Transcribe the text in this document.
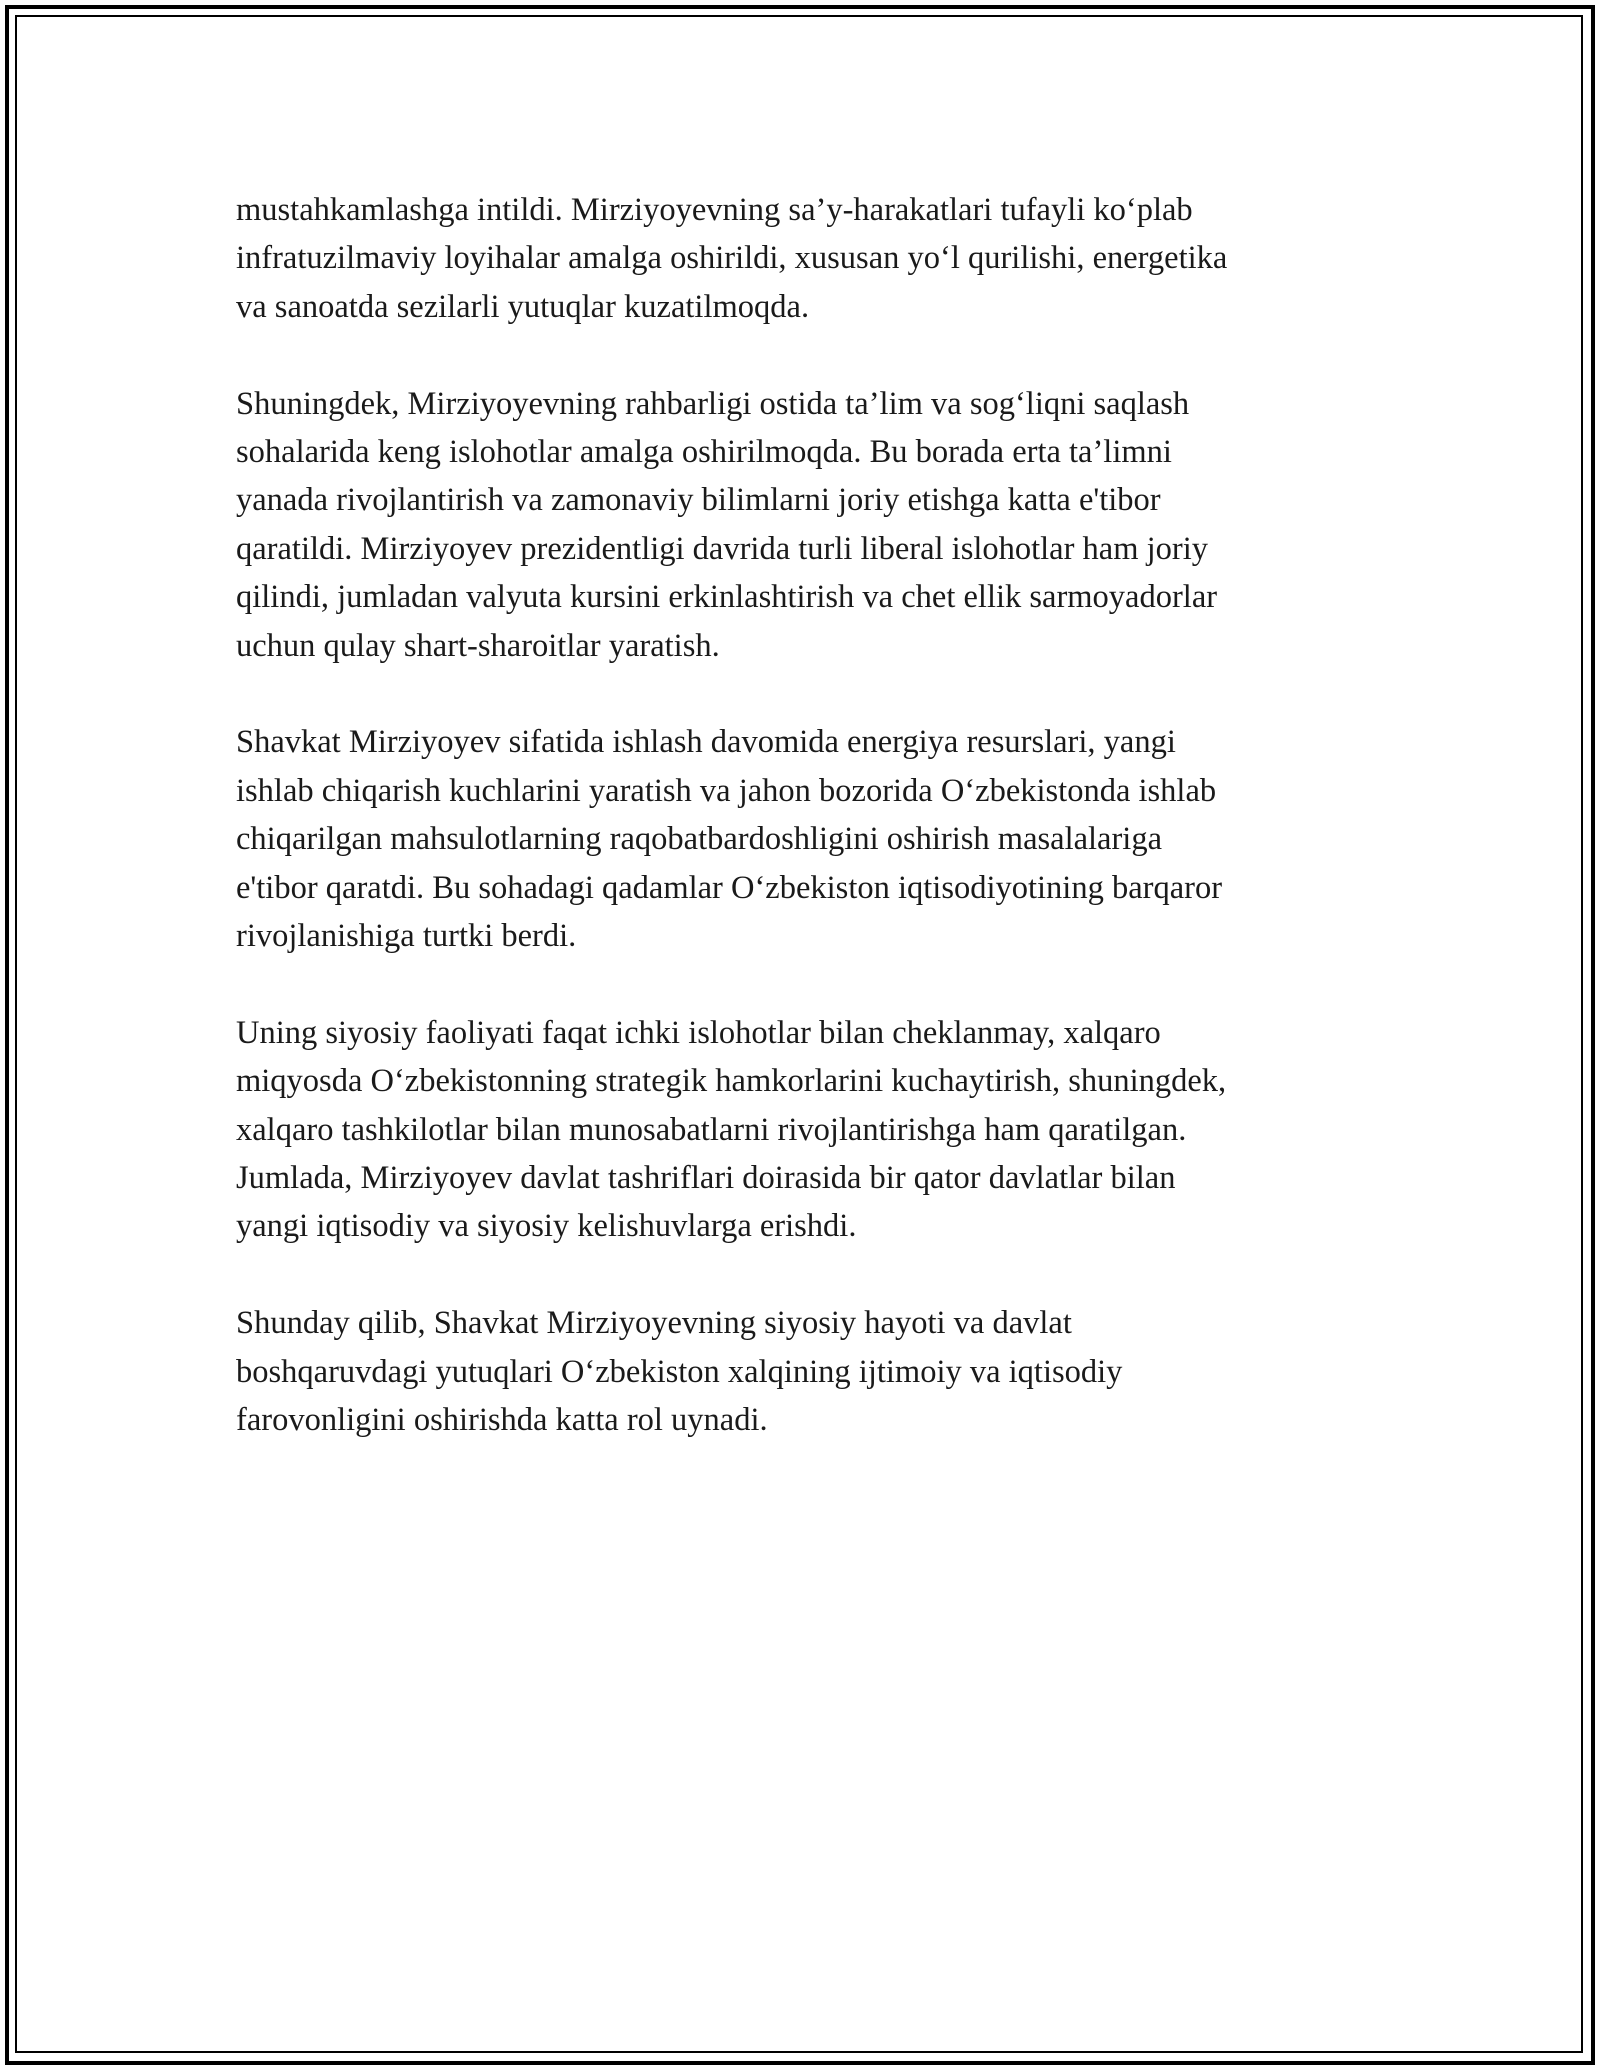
mustahkamlashga intildi. Mirziyoyevning sa’y-harakatlari tufayli ko‘plab
infratuzilmaviy loyihalar amalga oshirildi, xususan yo‘l qurilishi, energetika
va sanoatda sezilarli yutuqlar kuzatilmoqda.

Shuningdek, Mirziyoyevning rahbarligi ostida ta’lim va sog‘liqni saqlash
sohalarida keng islohotlar amalga oshirilmoqda. Bu borada erta ta’limni
yanada rivojlantirish va zamonaviy bilimlarni joriy etishga katta e'tibor
qaratildi. Mirziyoyev prezidentligi davrida turli liberal islohotlar ham joriy
qilindi, jumladan valyuta kursini erkinlashtirish va chet ellik sarmoyadorlar
uchun qulay shart-sharoitlar yaratish.

Shavkat Mirziyoyev sifatida ishlash davomida energiya resurslari, yangi
ishlab chiqarish kuchlarini yaratish va jahon bozorida O‘zbekistonda ishlab
chiqarilgan mahsulotlarning raqobatbardoshligini oshirish masalalariga
e'tibor qaratdi. Bu sohadagi qadamlar O‘zbekiston iqtisodiyotining barqaror
rivojlanishiga turtki berdi.

Uning siyosiy faoliyati faqat ichki islohotlar bilan cheklanmay, xalqaro
miqyosda O‘zbekistonning strategik hamkorlarini kuchaytirish, shuningdek,
xalqaro tashkilotlar bilan munosabatlarni rivojlantirishga ham qaratilgan.
Jumlada, Mirziyoyev davlat tashriflari doirasida bir qator davlatlar bilan
yangi iqtisodiy va siyosiy kelishuvlarga erishdi.

Shunday qilib, Shavkat Mirziyoyevning siyosiy hayoti va davlat
boshqaruvdagi yutuqlari O‘zbekiston xalqining ijtimoiy va iqtisodiy
farovonligini oshirishda katta rol uynadi.
